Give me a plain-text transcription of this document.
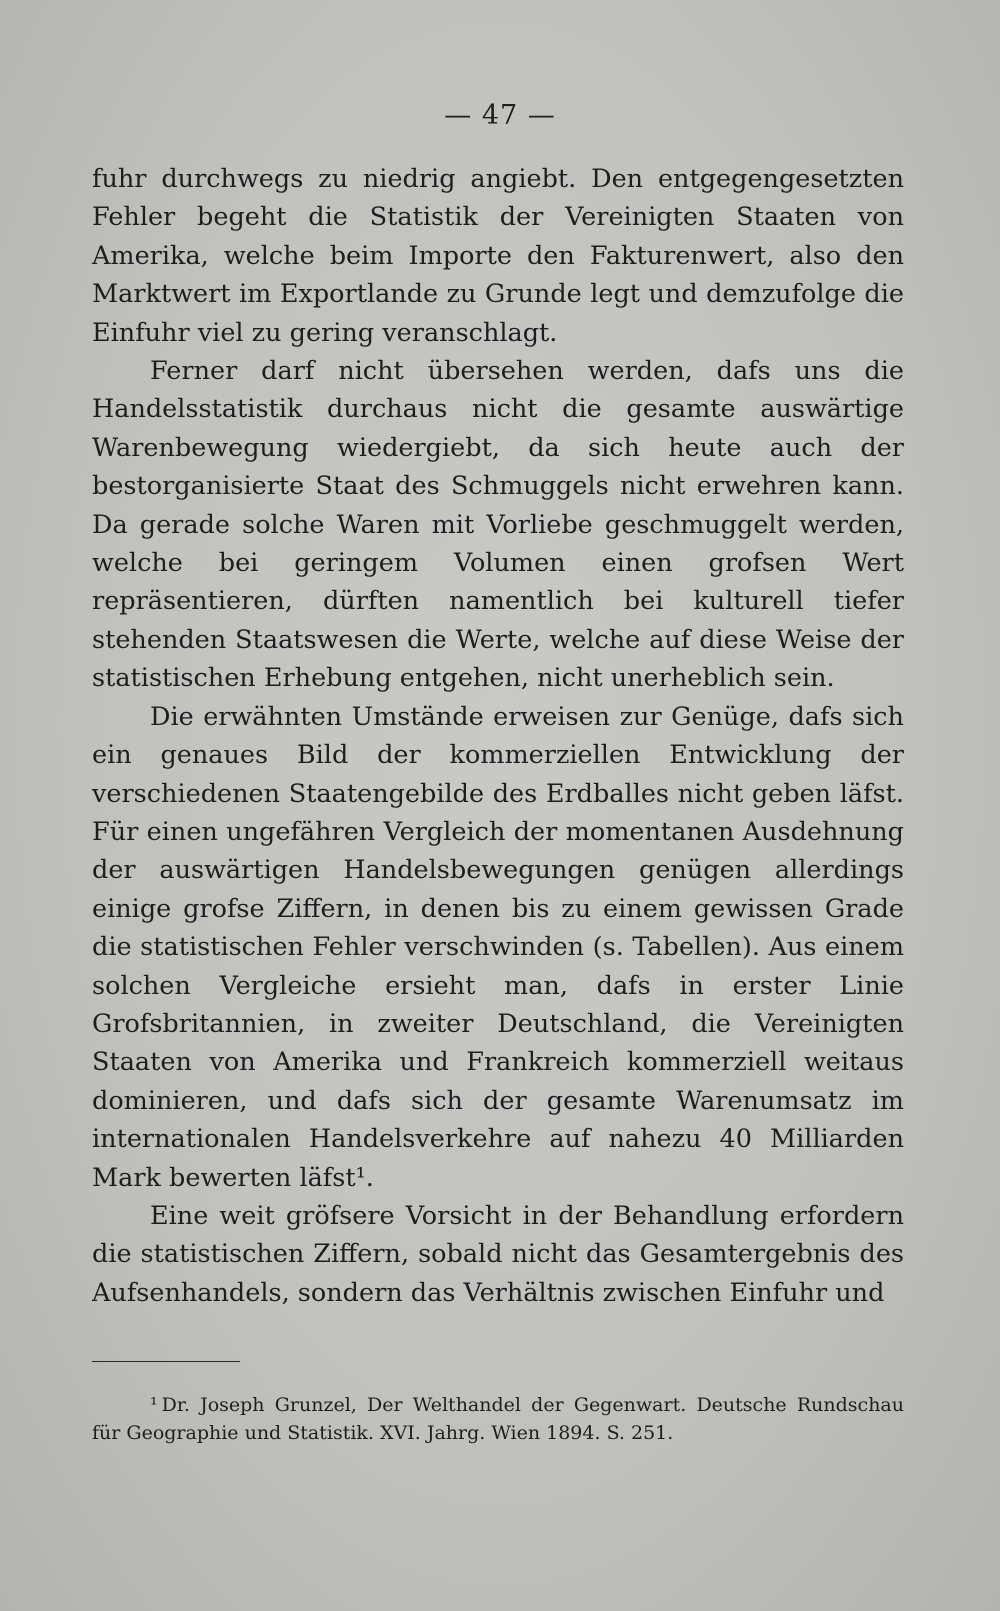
— 47 —

fuhr durchwegs zu niedrig angiebt. Den entgegengesetzten Fehler begeht die Statistik der Vereinigten Staaten von Amerika, welche beim Importe den Fakturenwert, also den Marktwert im Exportlande zu Grunde legt und demzufolge die Einfuhr viel zu gering veranschlagt.

Ferner darf nicht übersehen werden, dafs uns die Handelsstatistik durchaus nicht die gesamte auswärtige Warenbewegung wiedergiebt, da sich heute auch der bestorganisierte Staat des Schmuggels nicht erwehren kann. Da gerade solche Waren mit Vorliebe geschmuggelt werden, welche bei geringem Volumen einen grofsen Wert repräsentieren, dürften namentlich bei kulturell tiefer stehenden Staatswesen die Werte, welche auf diese Weise der statistischen Erhebung entgehen, nicht unerheblich sein.

Die erwähnten Umstände erweisen zur Genüge, dafs sich ein genaues Bild der kommerziellen Entwicklung der verschiedenen Staatengebilde des Erdballes nicht geben läfst. Für einen ungefähren Vergleich der momentanen Ausdehnung der auswärtigen Handelsbewegungen genügen allerdings einige grofse Ziffern, in denen bis zu einem gewissen Grade die statistischen Fehler verschwinden (s. Tabellen). Aus einem solchen Vergleiche ersieht man, dafs in erster Linie Grofsbritannien, in zweiter Deutschland, die Vereinigten Staaten von Amerika und Frankreich kommerziell weitaus dominieren, und dafs sich der gesamte Warenumsatz im internationalen Handelsverkehre auf nahezu 40 Milliarden Mark bewerten läfst¹.

Eine weit gröfsere Vorsicht in der Behandlung erfordern die statistischen Ziffern, sobald nicht das Gesamtergebnis des Aufsenhandels, sondern das Verhältnis zwischen Einfuhr und

¹ Dr. Joseph Grunzel, Der Welthandel der Gegenwart. Deutsche Rundschau für Geographie und Statistik. XVI. Jahrg. Wien 1894. S. 251.
